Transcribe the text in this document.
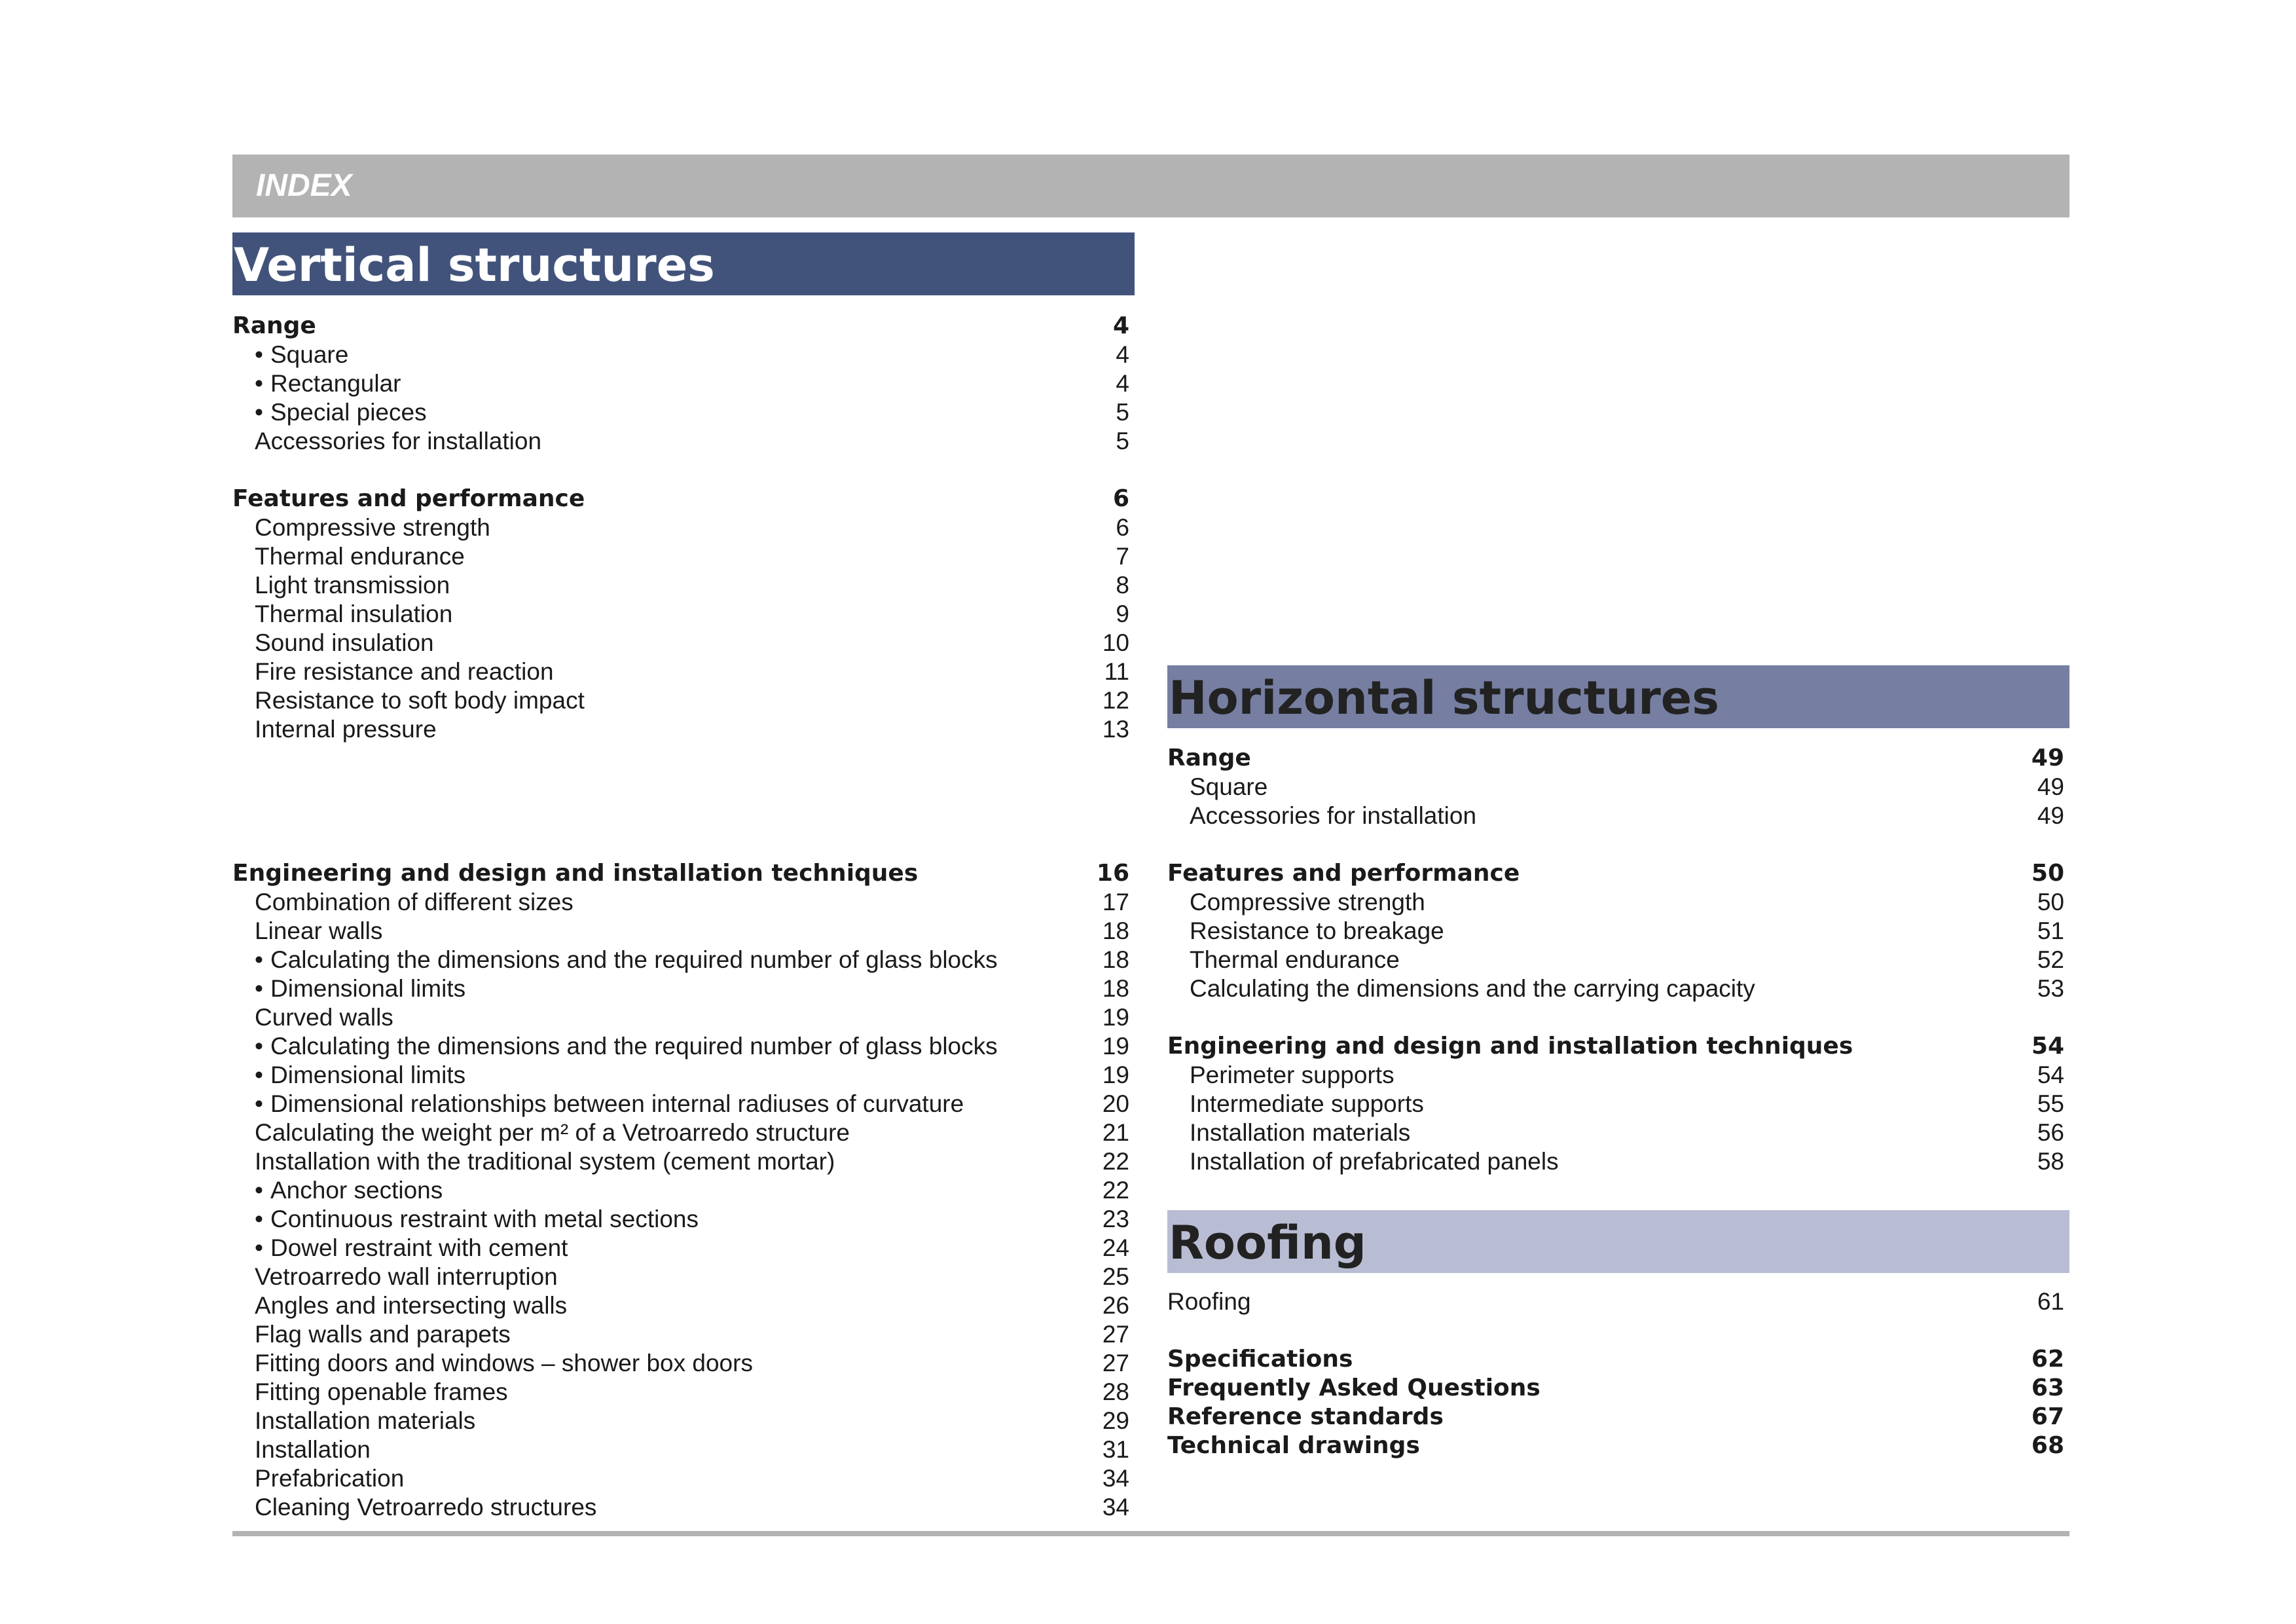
INDEX
Vertical structures
Range	4
• Square	4
• Rectangular	4
• Special pieces	5
Accessories for installation	5
Features and performance	6
Compressive strength	6
Thermal endurance	7
Light transmission	8
Thermal insulation	9
Sound insulation	10
Fire resistance and reaction	11
Resistance to soft body impact	12
Internal pressure	13
Engineering and design and installation techniques	16
Combination of different sizes	17
Linear walls	18
• Calculating the dimensions and the required number of glass blocks	18
• Dimensional limits	18
Curved walls	19
• Calculating the dimensions and the required number of glass blocks	19
• Dimensional limits	19
• Dimensional relationships between internal radiuses of curvature	20
Calculating the weight per m² of a Vetroarredo structure	21
Installation with the traditional system (cement mortar)	22
• Anchor sections	22
• Continuous restraint with metal sections	23
• Dowel restraint with cement	24
Vetroarredo wall interruption	25
Angles and intersecting walls	26
Flag walls and parapets	27
Fitting doors and windows – shower box doors	27
Fitting openable frames	28
Installation materials	29
Installation	31
Prefabrication	34
Cleaning Vetroarredo structures	34
Horizontal structures
Range	49
Square	49
Accessories for installation	49
Features and performance	50
Compressive strength	50
Resistance to breakage	51
Thermal endurance	52
Calculating the dimensions and the carrying capacity	53
Engineering and design and installation techniques	54
Perimeter supports	54
Intermediate supports	55
Installation materials	56
Installation of prefabricated panels	58
Roofing
Roofing	61
Specifications	62
Frequently Asked Questions	63
Reference standards	67
Technical drawings	68
